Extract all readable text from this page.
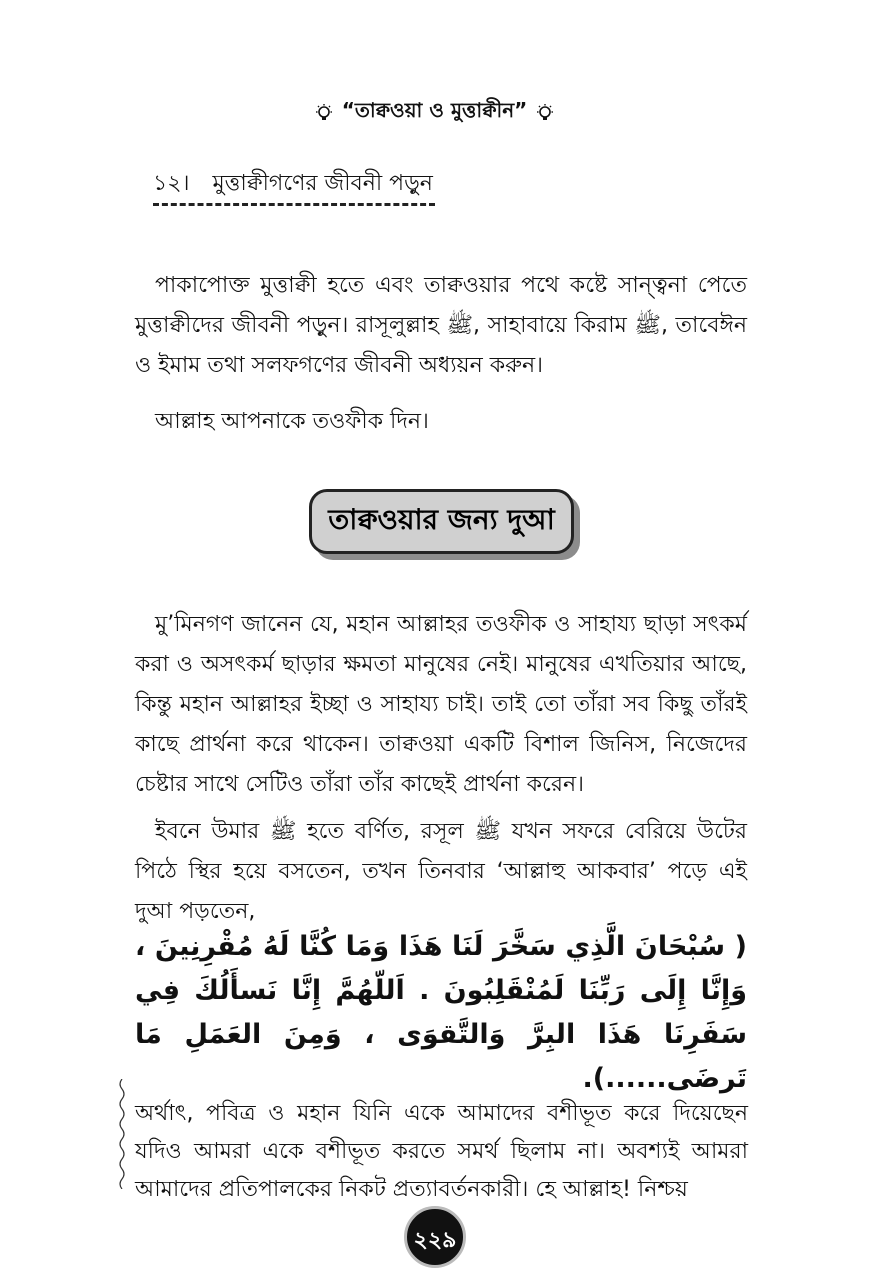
“তাক্বওয়া ও মুত্তাক্বীন”
১২। মুত্তাক্বীগণের জীবনী পড়ুন

পাকাপোক্ত মুত্তাক্বী হতে এবং তাক্বওয়ার পথে কষ্টে সান্ত্বনা পেতে মুত্তাক্বীদের জীবনী পড়ুন। রাসূলুল্লাহ ﷺ, সাহাবায়ে কিরাম ﷺ, তাবেঈন ও ইমাম তথা সলফগণের জীবনী অধ্যয়ন করুন।

আল্লাহ আপনাকে তওফীক দিন।

তাক্বওয়ার জন্য দুআ

মু’মিনগণ জানেন যে, মহান আল্লাহর তওফীক ও সাহায্য ছাড়া সৎকর্ম করা ও অসৎকর্ম ছাড়ার ক্ষমতা মানুষের নেই। মানুষের এখতিয়ার আছে, কিন্তু মহান আল্লাহর ইচ্ছা ও সাহায্য চাই। তাই তো তাঁরা সব কিছু তাঁরই কাছে প্রার্থনা করে থাকেন। তাক্বওয়া একটি বিশাল জিনিস, নিজেদের চেষ্টার সাথে সেটিও তাঁরা তাঁর কাছেই প্রার্থনা করেন।

ইবনে উমার ﷺ হতে বর্ণিত, রসূল ﷺ যখন সফরে বেরিয়ে উটের পিঠে স্থির হয়ে বসতেন, তখন তিনবার ‘আল্লাহু আকবার’ পড়ে এই দুআ পড়তেন,

( سُبْحَانَ الَّذِي سَخَّرَ لَنَا هَذَا وَمَا كُنَّا لَهُ مُقْرِنِينَ ، وَإِنَّا إِلَى رَبِّنَا لَمُنْقَلِبُونَ . اَللّهُمَّ إِنَّا نَسأَلُكَ فِي سَفَرِنَا هَذَا البِرَّ وَالتَّقوَى ، وَمِنَ العَمَلِ مَا تَرضَى......).

অর্থাৎ, পবিত্র ও মহান যিনি একে আমাদের বশীভূত করে দিয়েছেন যদিও আমরা একে বশীভূত করতে সমর্থ ছিলাম না। অবশ্যই আমরা আমাদের প্রতিপালকের নিকট প্রত্যাবর্তনকারী। হে আল্লাহ! নিশ্চয়

২২৯
